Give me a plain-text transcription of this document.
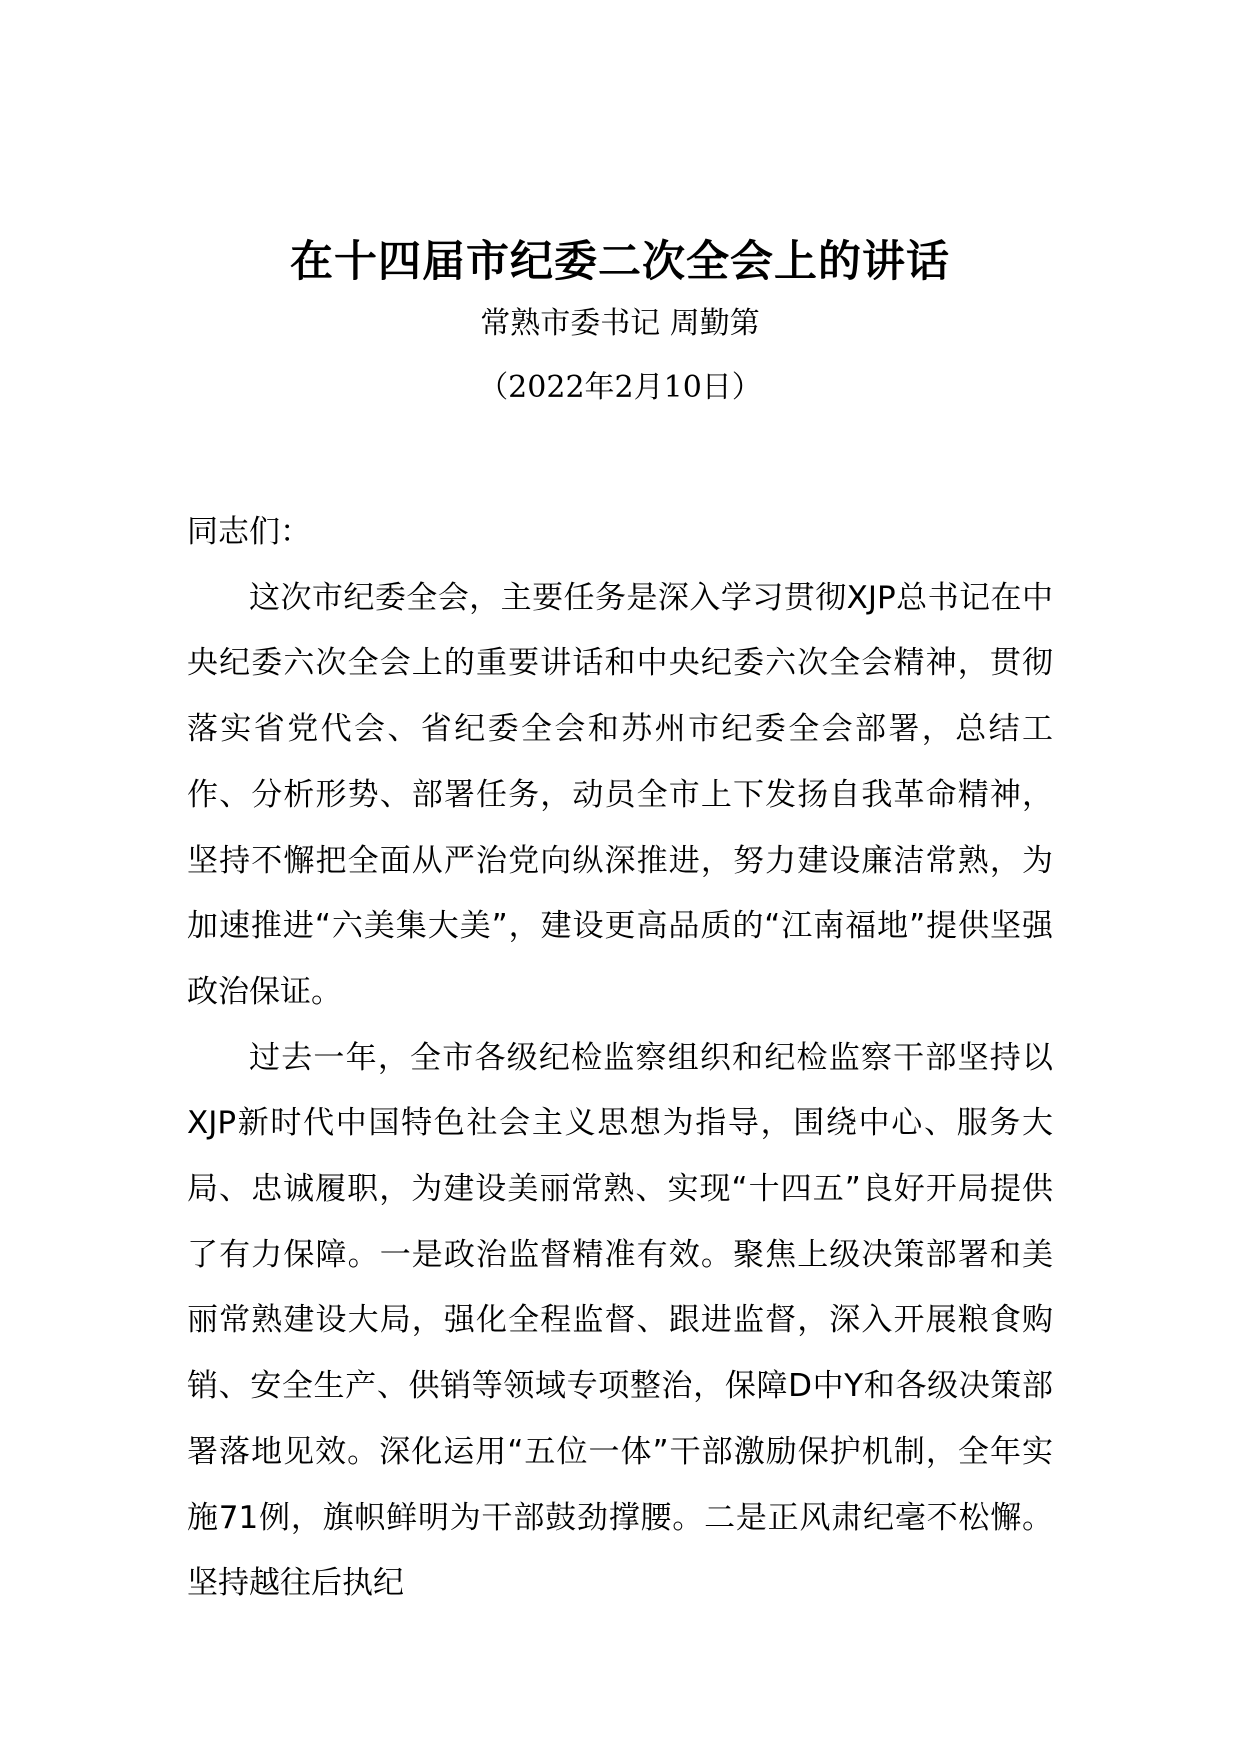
在十四届市纪委二次全会上的讲话
常熟市委书记 周勤第
（2022年2月10日）

同志们：

这次市纪委全会，主要任务是深入学习贯彻XJP总书记在中央纪委六次全会上的重要讲话和中央纪委六次全会精神，贯彻落实省党代会、省纪委全会和苏州市纪委全会部署，总结工作、分析形势、部署任务，动员全市上下发扬自我革命精神，坚持不懈把全面从严治党向纵深推进，努力建设廉洁常熟，为加速推进“六美集大美”，建设更高品质的“江南福地”提供坚强政治保证。

过去一年，全市各级纪检监察组织和纪检监察干部坚持以XJP新时代中国特色社会主义思想为指导，围绕中心、服务大局、忠诚履职，为建设美丽常熟、实现“十四五”良好开局提供了有力保障。一是政治监督精准有效。聚焦上级决策部署和美丽常熟建设大局，强化全程监督、跟进监督，深入开展粮食购销、安全生产、供销等领域专项整治，保障D中Y和各级决策部署落地见效。深化运用“五位一体”干部激励保护机制，全年实施71例，旗帜鲜明为干部鼓劲撑腰。二是正风肃纪毫不松懈。坚持越往后执纪
